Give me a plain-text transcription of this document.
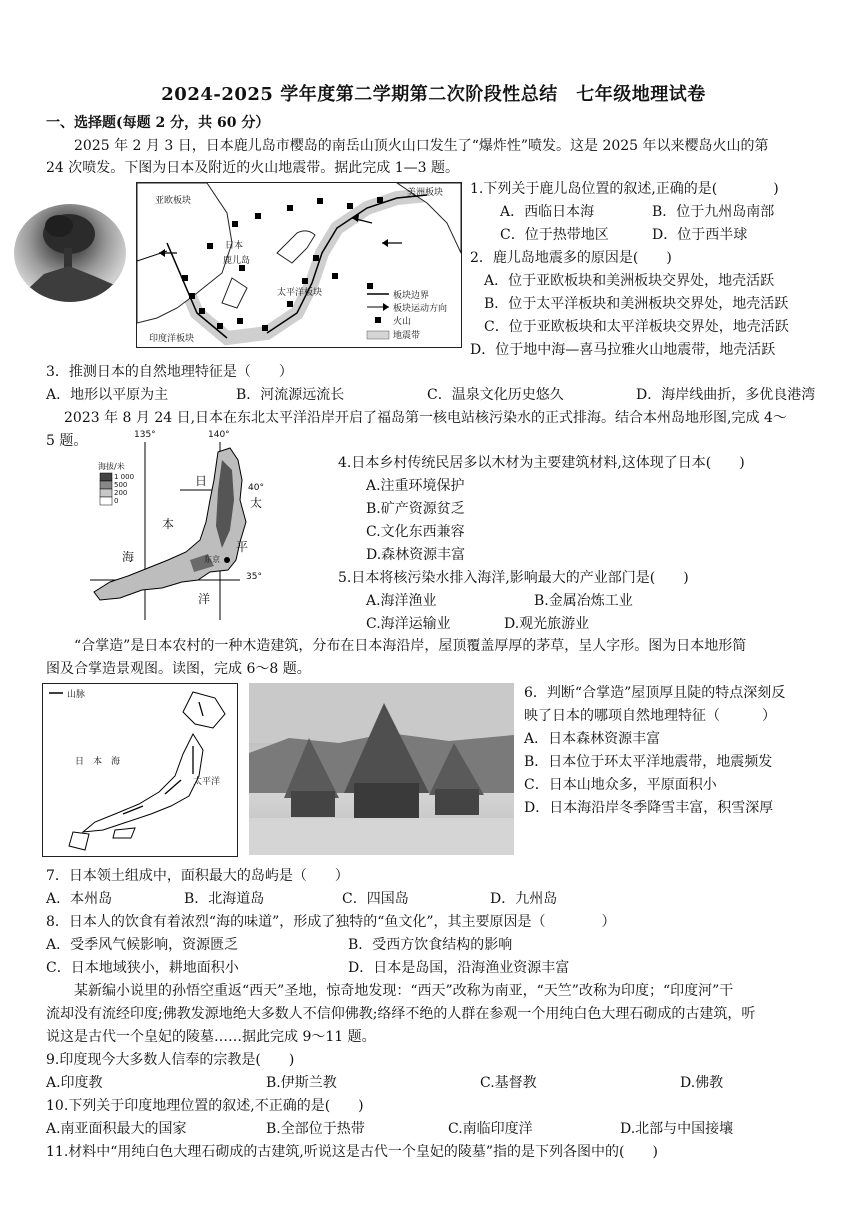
2024-2025 学年度第二学期第二次阶段性总结　七年级地理试卷
一、选择题(每题 2 分，共 60 分）
2025 年 2 月 3 日，日本鹿儿岛市樱岛的南岳山顶火山口发生了“爆炸性”喷发。这是 2025 年以来樱岛火山的第
24 次喷发。下图为日本及附近的火山地震带。据此完成 1—3 题。
亚欧板块
美洲板块
日本
鹿儿岛
太平洋板块
印度洋板块
板块边界
板块运动方向
火山
地震带
1.下列关于鹿儿岛位置的叙述,正确的是(　　　　)
A．西临日本海	B．位于九州岛南部
C．位于热带地区	D．位于西半球
2．鹿儿岛地震多的原因是(　　)
A．位于亚欧板块和美洲板块交界处，地壳活跃
B．位于太平洋板块和美洲板块交界处，地壳活跃
C．位于亚欧板块和太平洋板块交界处，地壳活跃
D．位于地中海—喜马拉雅火山地震带，地壳活跃
3．推测日本的自然地理特征是（　　）
A．地形以平原为主	B．河流源远流长	C．温泉文化历史悠久	D．海岸线曲折，多优良港湾
2023 年 8 月 24 日,日本在东北太平洋沿岸开启了福岛第一核电站核污染水的正式排海。结合本州岛地形图,完成 4～
5 题。	135°	140°
40°
35°
海拔/米
1 000
500
200
0
日
本
海
太
平
洋
东京
4.日本乡村传统民居多以木材为主要建筑材料,这体现了日本(　　)
A.注重环境保护
B.矿产资源贫乏
C.文化东西兼容
D.森林资源丰富
5.日本将核污染水排入海洋,影响最大的产业部门是(　　)
A.海洋渔业	B.金属冶炼工业
C.海洋运输业	D.观光旅游业
“合掌造”是日本农村的一种木造建筑，分布在日本海沿岸，屋顶覆盖厚厚的茅草，呈人字形。图为日本地形简
图及合掌造景观图。读图，完成 6～8 题。
山脉
日　本　海
太平洋
6．判断“合掌造”屋顶厚且陡的特点深刻反
映了日本的哪项自然地理特征（　　　）
A．日本森林资源丰富
B．日本位于环太平洋地震带，地震频发
C．日本山地众多，平原面积小
D．日本海沿岸冬季降雪丰富，积雪深厚
7．日本领土组成中，面积最大的岛屿是（　　）
A．本州岛	B．北海道岛	C．四国岛	D．九州岛
8．日本人的饮食有着浓烈“海的味道”，形成了独特的“鱼文化”，其主要原因是（　　　　）
A．受季风气候影响，资源匮乏	B．受西方饮食结构的影响
C．日本地域狭小，耕地面积小	D．日本是岛国，沿海渔业资源丰富
某新编小说里的孙悟空重返“西天”圣地，惊奇地发现：“西天”改称为南亚，“天竺”改称为印度；“印度河”干
流却没有流经印度;佛教发源地绝大多数人不信仰佛教;络绎不绝的人群在参观一个用纯白色大理石砌成的古建筑，听
说这是古代一个皇妃的陵墓……据此完成 9～11 题。
9.印度现今大多数人信奉的宗教是(　　)
A.印度教	B.伊斯兰教	C.基督教	D.佛教
10.下列关于印度地理位置的叙述,不正确的是(　　)
A.南亚面积最大的国家	B.全部位于热带	C.南临印度洋	D.北部与中国接壤
11.材料中“用纯白色大理石砌成的古建筑,听说这是古代一个皇妃的陵墓”指的是下列各图中的(　　)
